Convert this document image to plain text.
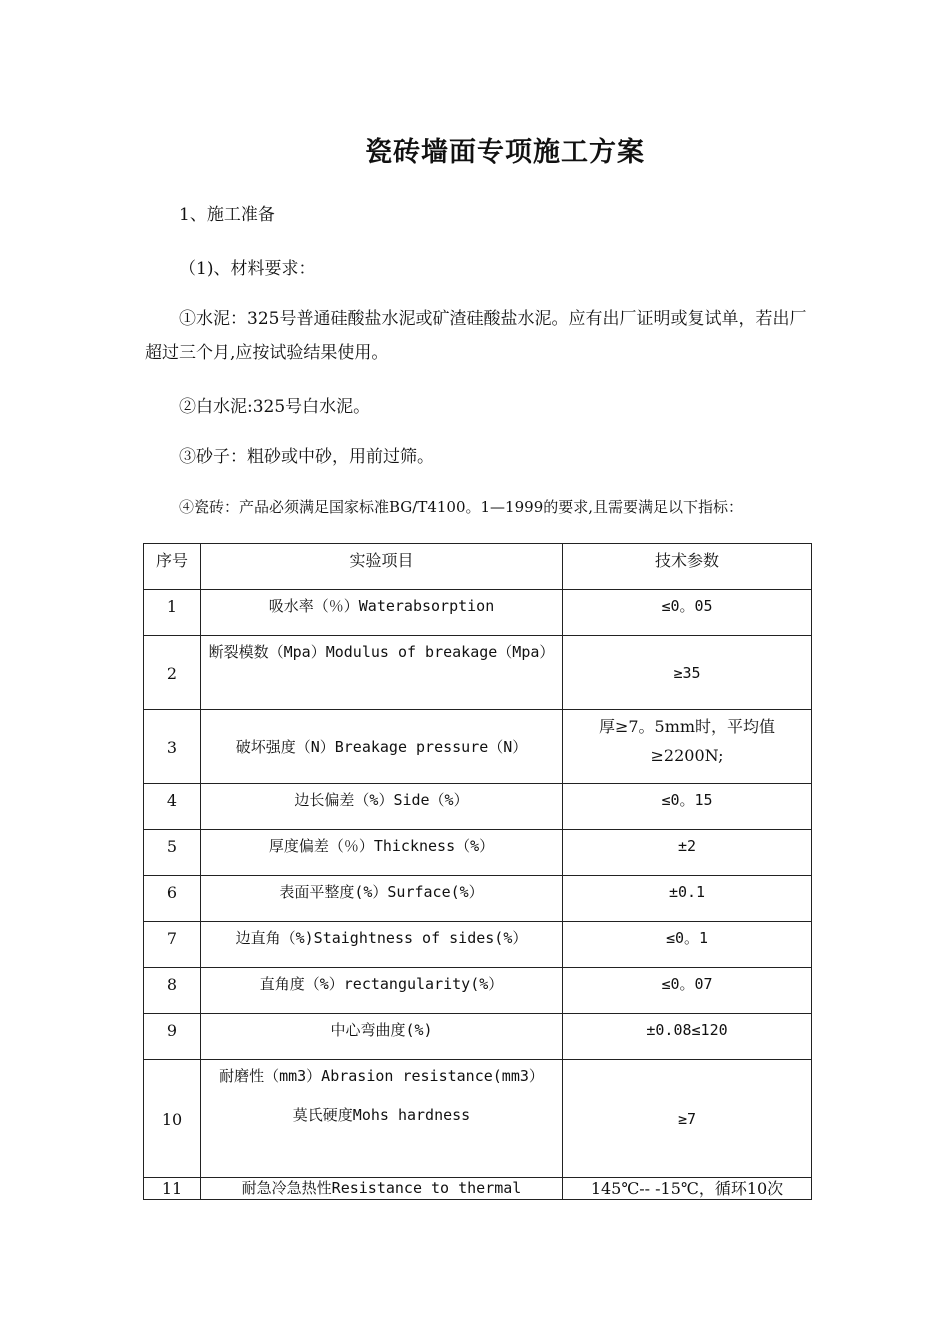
瓷砖墙面专项施工方案
1、施工准备
（1)、材料要求：
①水泥：325号普通硅酸盐水泥或矿渣硅酸盐水泥。应有出厂证明或复试单，若出厂超过三个月,应按试验结果使用。
②白水泥:325号白水泥。
③砂子：粗砂或中砂，用前过筛。
④瓷砖：产品必须满足国家标准BG/T4100。1—1999的要求,且需要满足以下指标：
序号	实验项目	技术参数
1	吸水率（％）Waterabsorption	≤0。05
2	断裂模数（Mpa）Modulus of breakage（Mpa）	≥35
3	破坏强度（N）Breakage pressure（N）	厚≥7。5mm时，平均值≥2200N;
4	边长偏差（%）Side（%）	≤0。15
5	厚度偏差（％）Thickness（%）	±2
6	表面平整度(%）Surface(%）	±0.1
7	边直角（%)Staightness of sides(%）	≤0。1
8	直角度（%）rectangularity(%）	≤0。07
9	中心弯曲度(%)	±0.08≤120
10	耐磨性（mm3）Abrasion resistance(mm3）
莫氏硬度Mohs hardness	≥7
11	耐急冷急热性Resistance to thermal	145℃-- -15℃，循环10次
